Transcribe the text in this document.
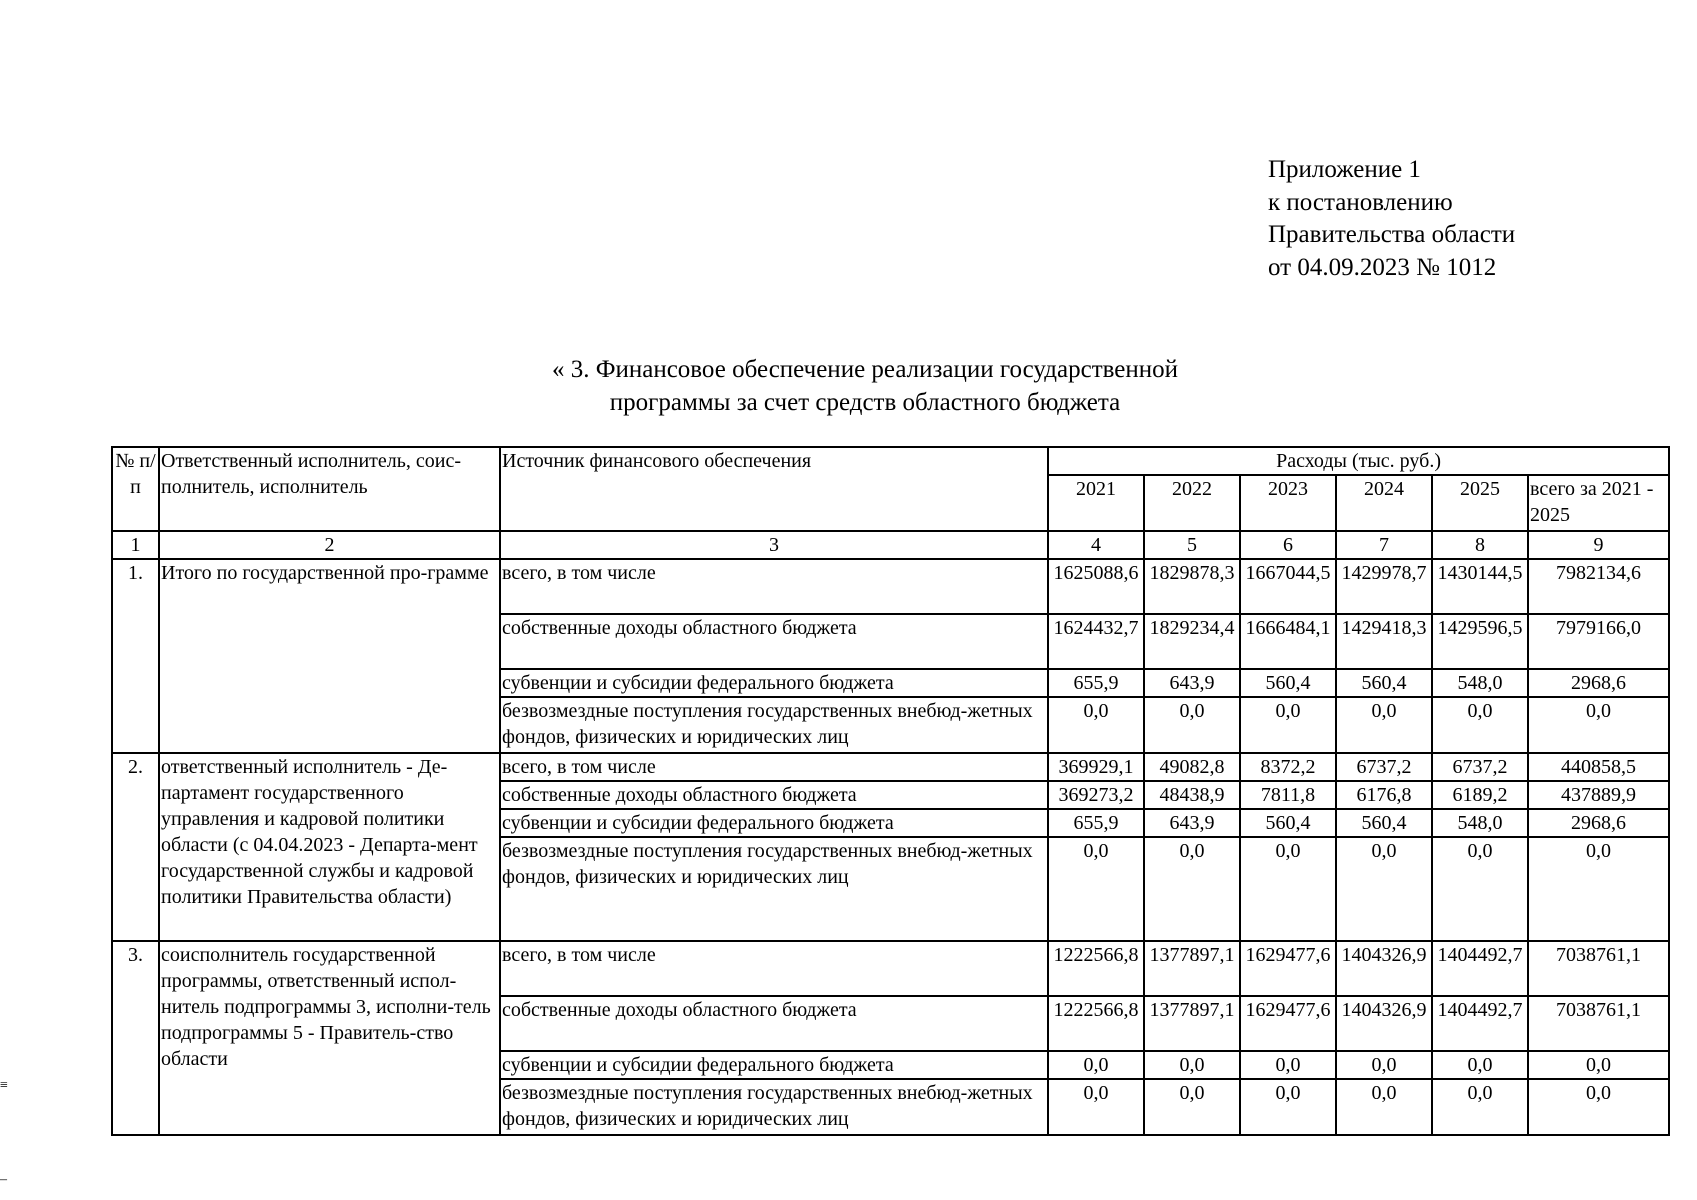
Приложение 1
к постановлению
Правительства области
от 04.09.2023 № 1012
« 3. Финансовое обеспечение реализации государственной
программы за счет средств областного бюджета
№ п/п	Ответственный исполнитель, соис-полнитель, исполнитель	Источник финансового обеспечения	Расходы (тыс. руб.)					
			2021	2022	2023	2024	2025	всего за 2021 - 2025
1	2	3	4	5	6	7	8	9
1.	Итого по государственной про-грамме	всего, в том числе	1625088,6	1829878,3	1667044,5	1429978,7	1430144,5	7982134,6
		собственные доходы областного бюджета	1624432,7	1829234,4	1666484,1	1429418,3	1429596,5	7979166,0
		субвенции и субсидии федерального бюджета	655,9	643,9	560,4	560,4	548,0	2968,6
		безвозмездные поступления государственных внебюд-жетных фондов, физических и юридических лиц	0,0	0,0	0,0	0,0	0,0	0,0
2.	ответственный исполнитель - Де-партамент государственного управления и кадровой политики области (с 04.04.2023 - Департа-мент государственной службы и кадровой политики Правительства области)	всего, в том числе	369929,1	49082,8	8372,2	6737,2	6737,2	440858,5
		собственные доходы областного бюджета	369273,2	48438,9	7811,8	6176,8	6189,2	437889,9
		субвенции и субсидии федерального бюджета	655,9	643,9	560,4	560,4	548,0	2968,6
		безвозмездные поступления государственных внебюд-жетных фондов, физических и юридических лиц	0,0	0,0	0,0	0,0	0,0	0,0
3.	соисполнитель государственной программы, ответственный испол-нитель подпрограммы 3, исполни-тель подпрограммы 5 - Правитель-ство области	всего, в том числе	1222566,8	1377897,1	1629477,6	1404326,9	1404492,7	7038761,1
		собственные доходы областного бюджета	1222566,8	1377897,1	1629477,6	1404326,9	1404492,7	7038761,1
		субвенции и субсидии федерального бюджета	0,0	0,0	0,0	0,0	0,0	0,0
		безвозмездные поступления государственных внебюд-жетных фондов, физических и юридических лиц	0,0	0,0	0,0	0,0	0,0	0,0
≡
–
